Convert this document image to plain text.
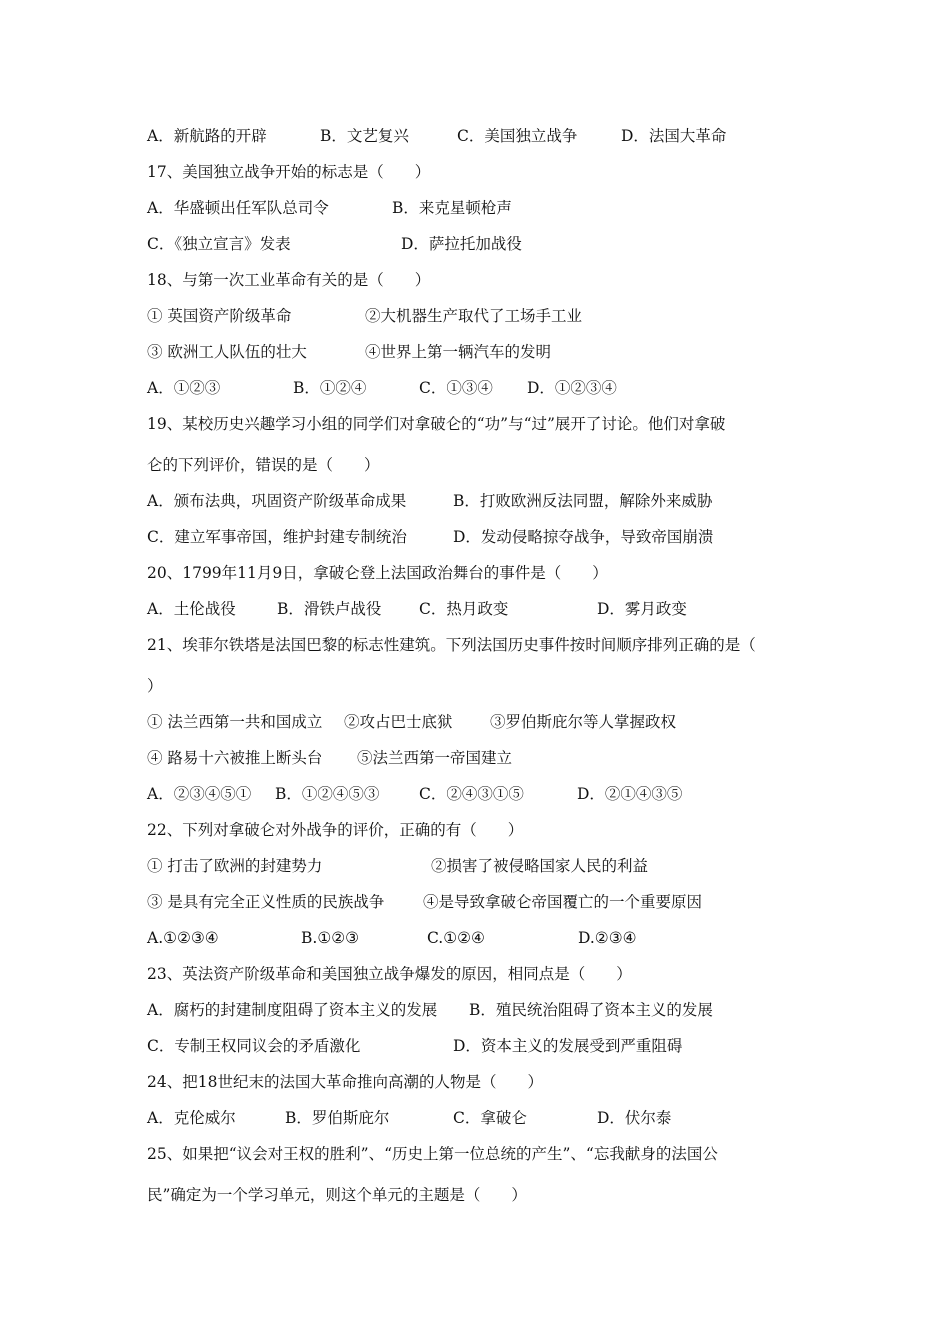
A．新航路的开辟	B．文艺复兴	C．美国独立战争	D．法国大革命
17、美国独立战争开始的标志是（　　）
A．华盛顿出任军队总司令	B．来克星顿枪声
C．《独立宣言》发表	D．萨拉托加战役
18、与第一次工业革命有关的是（　　）
① 英国资产阶级革命	②大机器生产取代了工场手工业
③ 欧洲工人队伍的壮大	④世界上第一辆汽车的发明
A．①②③	B．①②④	C．①③④ D．①②③④
19、某校历史兴趣学习小组的同学们对拿破仑的“功”与“过”展开了讨论。他们对拿破
仑的下列评价，错误的是（　　）
A．颁布法典，巩固资产阶级革命成果	B．打败欧洲反法同盟，解除外来威胁
C．建立军事帝国，维护封建专制统治	D．发动侵略掠夺战争，导致帝国崩溃
20、1799年11月9日，拿破仑登上法国政治舞台的事件是（　　）
A．土伦战役	B．滑铁卢战役 C．热月政变	D．雾月政变
21、埃菲尔铁塔是法国巴黎的标志性建筑。下列法国历史事件按时间顺序排列正确的是（
）
① 法兰西第一共和国成立 ②攻占巴士底狱 ③罗伯斯庇尔等人掌握政权
④ 路易十六被推上断头台 ⑤法兰西第一帝国建立
A．②③④⑤① B．①②④⑤③	C．②④③①⑤	D．②①④③⑤
22、下列对拿破仑对外战争的评价，正确的有（　　）
① 打击了欧洲的封建势力	②损害了被侵略国家人民的利益
③ 是具有完全正义性质的民族战争 ④是导致拿破仑帝国覆亡的一个重要原因
A.①②③④	B.①②③	C.①②④	D.②③④
23、英法资产阶级革命和美国独立战争爆发的原因，相同点是（　　）
A．腐朽的封建制度阻碍了资本主义的发展 B．殖民统治阻碍了资本主义的发展
C．专制王权同议会的矛盾激化	D．资本主义的发展受到严重阻碍
24、把18世纪末的法国大革命推向高潮的人物是（　　）
A．克伦威尔	B．罗伯斯庇尔	C．拿破仑	D．伏尔泰
25、如果把“议会对王权的胜利”、“历史上第一位总统的产生”、“忘我献身的法国公
民”确定为一个学习单元，则这个单元的主题是（　　）
